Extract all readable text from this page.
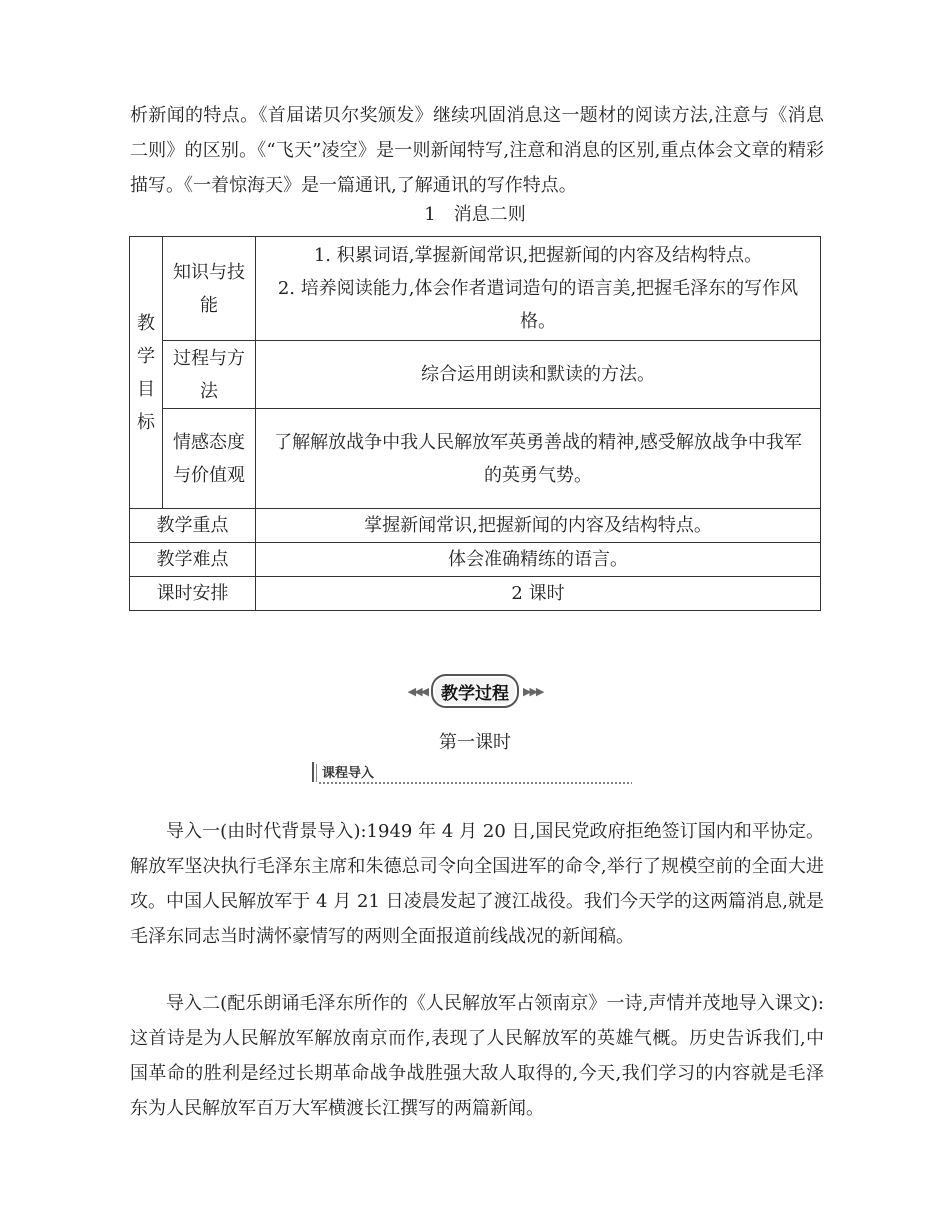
析新闻的特点。《首届诺贝尔奖颁发》继续巩固消息这一题材的阅读方法,注意与《消息二则》的区别。《“飞天”凌空》是一则新闻特写,注意和消息的区别,重点体会文章的精彩描写。《一着惊海天》是一篇通讯,了解通讯的写作特点。

1　消息二则
教学目标	知识与技能	1. 积累词语,掌握新闻常识,把握新闻的内容及结构特点。
2. 培养阅读能力,体会作者遣词造句的语言美,把握毛泽东的写作风格。

	过程与方法	综合运用朗读和默读的方法。
	情感态度与价值观	了解解放战争中我人民解放军英勇善战的精神,感受解放战争中我军的英勇气势。
教学重点		掌握新闻常识,把握新闻的内容及结构特点。
教学难点		体会准确精练的语言。
课时安排		2 课时
◀◀◀ 教学过程	▶▶▶
第一课时
课程导入

导入一(由时代背景导入):1949 年 4 月 20 日,国民党政府拒绝签订国内和平协定。解放军坚决执行毛泽东主席和朱德总司令向全国进军的命令,举行了规模空前的全面大进攻。中国人民解放军于 4 月 21 日凌晨发起了渡江战役。我们今天学的这两篇消息,就是毛泽东同志当时满怀豪情写的两则全面报道前线战况的新闻稿。

导入二(配乐朗诵毛泽东所作的《人民解放军占领南京》一诗,声情并茂地导入课文):这首诗是为人民解放军解放南京而作,表现了人民解放军的英雄气概。历史告诉我们,中国革命的胜利是经过长期革命战争战胜强大敌人取得的,今天,我们学习的内容就是毛泽东为人民解放军百万大军横渡长江撰写的两篇新闻。
